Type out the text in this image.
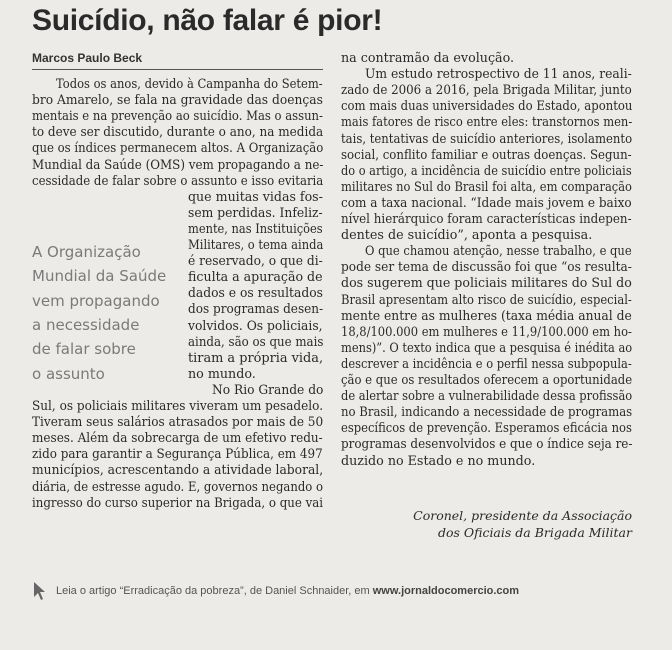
Suicídio, não falar é pior!
Marcos Paulo Beck
Todos os anos, devido à Campanha do Setem-
bro Amarelo, se fala na gravidade das doenças
mentais e na prevenção ao suicídio. Mas o assun-
to deve ser discutido, durante o ano, na medida
que os índices permanecem altos. A Organização
Mundial da Saúde (OMS) vem propagando a ne-
cessidade de falar sobre o assunto e isso evitaria
que muitas vidas fos-
sem perdidas. Infeliz-
mente, nas Instituições
Militares, o tema ainda
é reservado, o que di-
ficulta a apuração de
dados e os resultados
dos programas desen-
volvidos. Os policiais,
ainda, são os que mais
tiram a própria vida,
no mundo.
No Rio Grande do
Sul, os policiais militares viveram um pesadelo.
Tiveram seus salários atrasados por mais de 50
meses. Além da sobrecarga de um efetivo redu-
zido para garantir a Segurança Pública, em 497
municípios, acrescentando a atividade laboral,
diária, de estresse agudo. E, governos negando o
ingresso do curso superior na Brigada, o que vai
A Organização
Mundial da Saúde
vem propagando
a necessidade
de falar sobre
o assunto
na contramão da evolução.
Um estudo retrospectivo de 11 anos, reali-
zado de 2006 a 2016, pela Brigada Militar, junto
com mais duas universidades do Estado, apontou
mais fatores de risco entre eles: transtornos men-
tais, tentativas de suicídio anteriores, isolamento
social, conflito familiar e outras doenças. Segun-
do o artigo, a incidência de suicídio entre policiais
militares no Sul do Brasil foi alta, em comparação
com a taxa nacional. “Idade mais jovem e baixo
nível hierárquico foram características indepen-
dentes de suicídio”, aponta a pesquisa.
O que chamou atenção, nesse trabalho, e que
pode ser tema de discussão foi que “os resulta-
dos sugerem que policiais militares do Sul do
Brasil apresentam alto risco de suicídio, especial-
mente entre as mulheres (taxa média anual de
18,8/100.000 em mulheres e 11,9/100.000 em ho-
mens)”. O texto indica que a pesquisa é inédita ao
descrever a incidência e o perfil nessa subpopula-
ção e que os resultados oferecem a oportunidade
de alertar sobre a vulnerabilidade dessa profissão
no Brasil, indicando a necessidade de programas
específicos de prevenção. Esperamos eficácia nos
programas desenvolvidos e que o índice seja re-
duzido no Estado e no mundo.
Coronel, presidente da Associação
dos Oficiais da Brigada Militar
Leia o artigo “Erradicação da pobreza”, de Daniel Schnaider, em www.jornaldocomercio.com
